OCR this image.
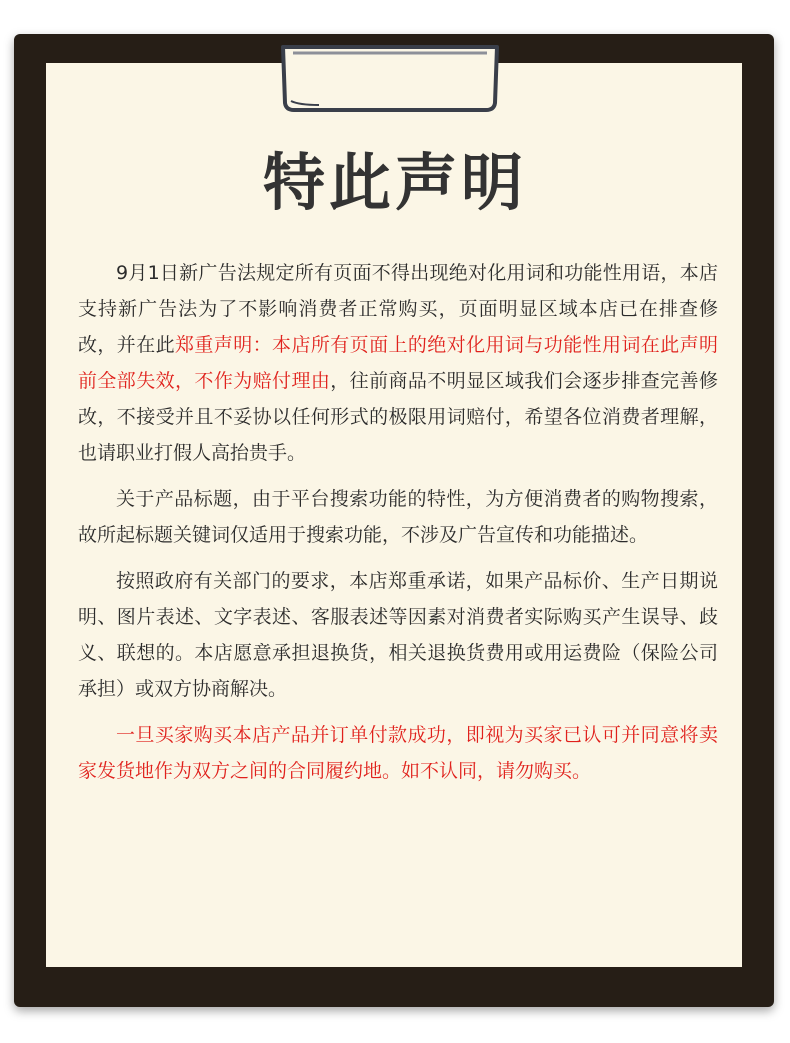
特此声明

9月1日新广告法规定所有页面不得出现绝对化用词和功能性用语，本店支持新广告法为了不影响消费者正常购买，页面明显区域本店已在排查修改，并在此郑重声明：本店所有页面上的绝对化用词与功能性用词在此声明前全部失效，不作为赔付理由，往前商品不明显区域我们会逐步排查完善修改，不接受并且不妥协以任何形式的极限用词赔付，希望各位消费者理解，也请职业打假人高抬贵手。

关于产品标题，由于平台搜索功能的特性，为方便消费者的购物搜索，故所起标题关键词仅适用于搜索功能，不涉及广告宣传和功能描述。

按照政府有关部门的要求，本店郑重承诺，如果产品标价、生产日期说明、图片表述、文字表述、客服表述等因素对消费者实际购买产生误导、歧义、联想的。本店愿意承担退换货，相关退换货费用或用运费险（保险公司承担）或双方协商解决。

一旦买家购买本店产品并订单付款成功，即视为买家已认可并同意将卖家发货地作为双方之间的合同履约地。如不认同，请勿购买。
